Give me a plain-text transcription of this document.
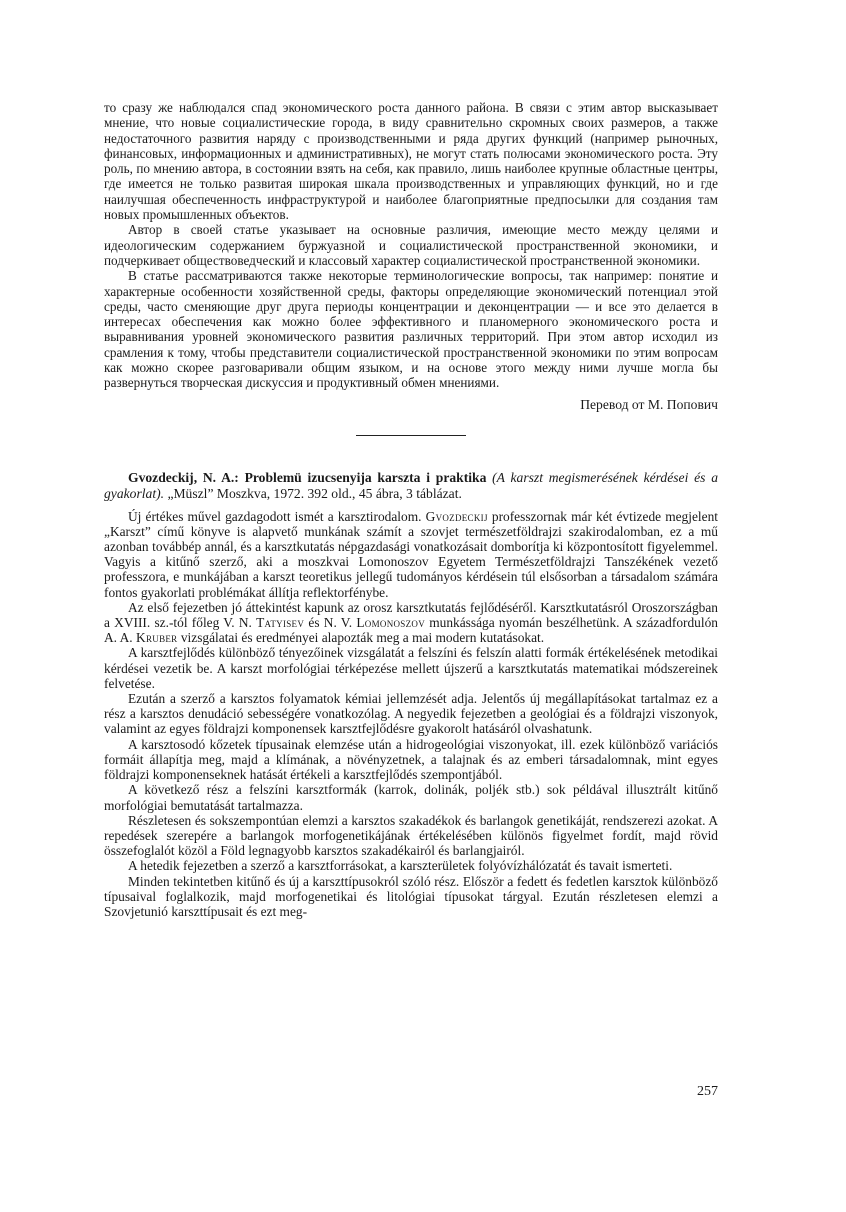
то сразу же наблюдался спад экономического роста данного района. В связи с этим автор высказывает мнение, что новые социалистические города, в виду сравнительно скромных своих размеров, а также недостаточного развития наряду с производственными и ряда других функций (например рыночных, финансовых, информационных и административных), не могут стать полюсами экономического роста. Эту роль, по мнению автора, в состоянии взять на себя, как правило, лишь наиболее крупные областные центры, где имеется не только развитая широкая шкала производственных и управляющих функций, но и где наилучшая обеспеченность инфраструктурой и наиболее благоприятные предпосылки для создания там новых промышленных объектов.

Автор в своей статье указывает на основные различия, имеющие место между целями и идеологическим содержанием буржуазной и социалистической пространственной экономики, и подчеркивает обществоведческий и классовый характер социалистической пространственной экономики.

В статье рассматриваются также некоторые терминологические вопросы, так например: понятие и характерные особенности хозяйственной среды, факторы определяющие экономический потенциал этой среды, часто сменяющие друг друга периоды концентрации и деконцентрации — и все это делается в интересах обеспечения как можно более эффективного и планомерного экономического роста и выравнивания уровней экономического развития различных территорий. При этом автор исходил из срамления к тому, чтобы представители социалистической пространственной экономики по этим вопросам как можно скорее разговаривали общим языком, и на основе этого между ними лучше могла бы развернуться творческая дискуссия и продуктивный обмен мнениями.

Перевод от М. Попович
Gvozdeckij, N. A.: Problemü izucsenyija karszta i praktika (A karszt megismerésének kérdései és a gyakorlat). „Müszl” Moszkva, 1972. 392 old., 45 ábra, 3 táblázat.

Új értékes művel gazdagodott ismét a karsztirodalom. Gvozdeckij professzornak már két évtizede megjelent „Karszt” című könyve is alapvető munkának számít a szovjet természetföldrajzi szakirodalomban, ez a mű azonban továbbép annál, és a karsztkutatás népgazdasági vonatkozásait domborítja ki központosított figyelemmel. Vagyis a kitűnő szerző, aki a moszkvai Lomonoszov Egyetem Természetföldrajzi Tanszékének vezető professzora, e munkájában a karszt teoretikus jellegű tudományos kérdésein túl elsősorban a társadalom számára fontos gyakorlati problémákat állítja reflektorfénybe.

Az első fejezetben jó áttekintést kapunk az orosz karsztkutatás fejlődéséről. Karsztkutatásról Oroszországban a XVIII. sz.-tól főleg V. N. Tatyisev és N. V. Lomonoszov munkássága nyomán beszélhetünk. A századfordulón A. A. Kruber vizsgálatai és eredményei alapozták meg a mai modern kutatásokat.

A karsztfejlődés különböző tényezőinek vizsgálatát a felszíni és felszín alatti formák értékelésének metodikai kérdései vezetik be. A karszt morfológiai térképezése mellett újszerű a karsztkutatás matematikai módszereinek felvetése.

Ezután a szerző a karsztos folyamatok kémiai jellemzését adja. Jelentős új megállapításokat tartalmaz ez a rész a karsztos denudáció sebességére vonatkozólag. A negyedik fejezetben a geológiai és a földrajzi viszonyok, valamint az egyes földrajzi komponensek karsztfejlődésre gyakorolt hatásáról olvashatunk.

A karsztosodó kőzetek típusainak elemzése után a hidrogeológiai viszonyokat, ill. ezek különböző variációs formáit állapítja meg, majd a klímának, a növényzetnek, a talajnak és az emberi társadalomnak, mint egyes földrajzi komponenseknek hatását értékeli a karsztfejlődés szempontjából.

A következő rész a felszíni karsztformák (karrok, dolinák, poljék stb.) sok példával illusztrált kitűnő morfológiai bemutatását tartalmazza.

Részletesen és sokszempontúan elemzi a karsztos szakadékok és barlangok genetikáját, rendszerezi azokat. A repedések szerepére a barlangok morfogenetikájának értékelésében különös figyelmet fordít, majd rövid összefoglalót közöl a Föld legnagyobb karsztos szakadékairól és barlangjairól.

A hetedik fejezetben a szerző a karsztforrásokat, a karszterületek folyóvízhálózatát és tavait ismerteti.

Minden tekintetben kitűnő és új a karszttípusokról szóló rész. Először a fedett és fedetlen karsztok különböző típusaival foglalkozik, majd morfogenetikai és litológiai típusokat tárgyal. Ezután részletesen elemzi a Szovjetunió karszttípusait és ezt meg-

257
